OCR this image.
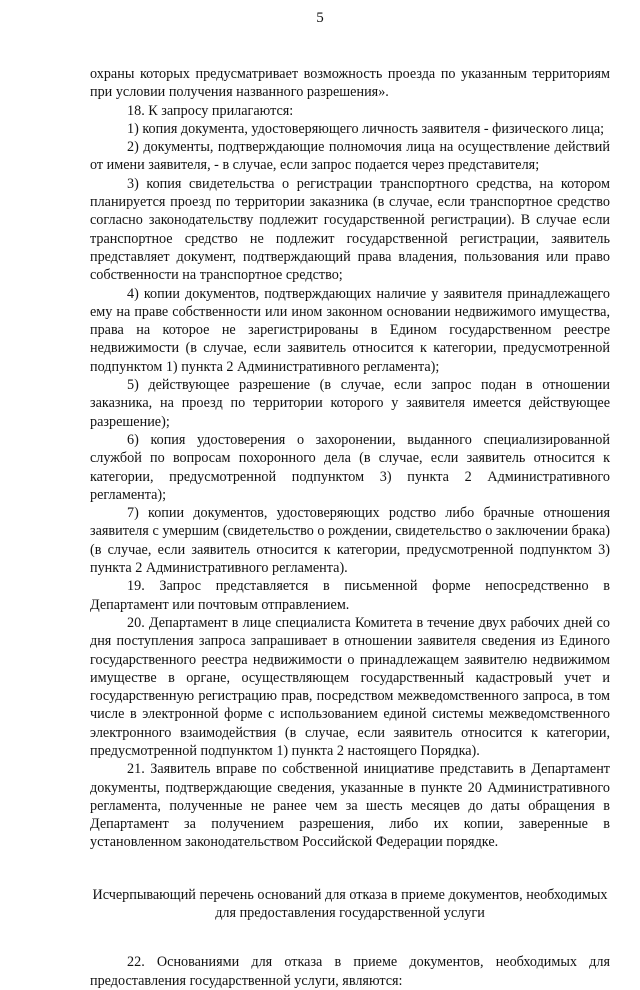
5

охраны которых предусматривает возможность проезда по указанным территориям при условии получения названного разрешения».

18. К запросу прилагаются:

1) копия документа, удостоверяющего личность заявителя - физического лица;

2) документы, подтверждающие полномочия лица на осуществление действий от имени заявителя, - в случае, если запрос подается через представителя;

3) копия свидетельства о регистрации транспортного средства, на котором планируется проезд по территории заказника (в случае, если транспортное средство согласно законодательству подлежит государственной регистрации). В случае если транспортное средство не подлежит государственной регистрации, заявитель представляет документ, подтверждающий права владения, пользования или право собственности на транспортное средство;

4) копии документов, подтверждающих наличие у заявителя принадлежащего ему на праве собственности или ином законном основании недвижимого имущества, права на которое не зарегистрированы в Едином государственном реестре недвижимости (в случае, если заявитель относится к категории, предусмотренной подпунктом 1) пункта 2 Административного регламента);

5) действующее разрешение (в случае, если запрос подан в отношении заказника, на проезд по территории которого у заявителя имеется действующее разрешение);

6) копия удостоверения о захоронении, выданного специализированной службой по вопросам похоронного дела (в случае, если заявитель относится к категории, предусмотренной подпунктом 3) пункта 2 Административного регламента);

7) копии документов, удостоверяющих родство либо брачные отношения заявителя с умершим (свидетельство о рождении, свидетельство о заключении брака) (в случае, если заявитель относится к категории, предусмотренной подпунктом 3) пункта 2 Административного регламента).

19. Запрос представляется в письменной форме непосредственно в Департамент или почтовым отправлением.

20. Департамент в лице специалиста Комитета в течение двух рабочих дней со дня поступления запроса запрашивает в отношении заявителя сведения из Единого государственного реестра недвижимости о принадлежащем заявителю недвижимом имуществе в органе, осуществляющем государственный кадастровый учет и государственную регистрацию прав, посредством межведомственного запроса, в том числе в электронной форме с использованием единой системы межведомственного электронного взаимодействия (в случае, если заявитель относится к категории, предусмотренной подпунктом 1) пункта 2 настоящего Порядка).

21. Заявитель вправе по собственной инициативе представить в Департамент документы, подтверждающие сведения, указанные в пункте 20 Административного регламента, полученные не ранее чем за шесть месяцев до даты обращения в Департамент за получением разрешения, либо их копии, заверенные в установленном законодательством Российской Федерации порядке.

Исчерпывающий перечень оснований для отказа в приеме документов, необходимых для предоставления государственной услуги

22. Основаниями для отказа в приеме документов, необходимых для предоставления государственной услуги, являются:
